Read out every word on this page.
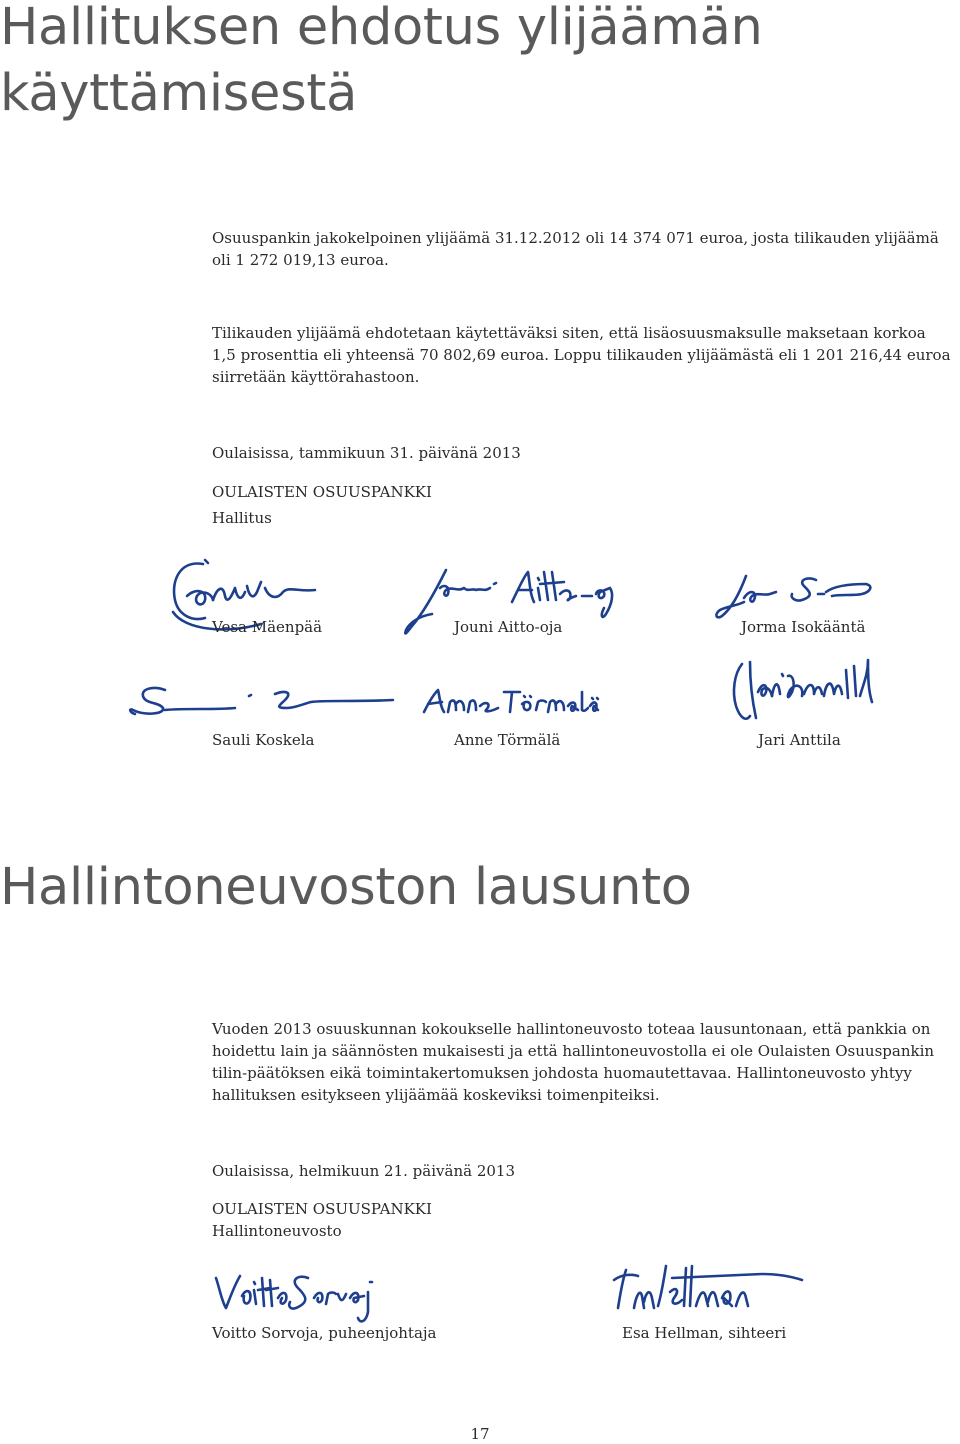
Hallituksen ehdotus ylijäämän
käyttämisestä

Osuuspankin jakokelpoinen ylijäämä 31.12.2012 oli 14 374 071 euroa, josta tilikauden ylijäämä oli 1 272 019,13 euroa.

Tilikauden ylijäämä ehdotetaan käytettäväksi siten, että lisäosuusmaksulle maksetaan korkoa 1,5 prosenttia eli yhteensä 70 802,69 euroa. Loppu tilikauden ylijäämästä eli 1 201 216,44 euroa siirretään käyttörahastoon.

Oulaisissa, tammikuun 31. päivänä 2013

OULAISTEN OSUUSPANKKI

Hallitus

Vesa Mäenpää	Jouni Aitto-oja	Jorma Isokääntä
Sauli Koskela	Anne Törmälä	Jari Anttila
Hallintoneuvoston lausunto

Vuoden 2013 osuuskunnan kokoukselle hallintoneuvosto toteaa lausuntonaan, että pankkia on hoidettu lain ja säännösten mukaisesti ja että hallintoneuvostolla ei ole Oulaisten Osuuspankin tilin-päätöksen eikä toimintakertomuksen johdosta huomautettavaa. Hallintoneuvosto yhtyy hallituksen esitykseen ylijäämää koskeviksi toimenpiteiksi.

Oulaisissa, helmikuun 21. päivänä 2013

OULAISTEN OSUUSPANKKI

Hallintoneuvosto

Voitto Sorvoja, puheenjohtaja	Esa Hellman, sihteeri
17
